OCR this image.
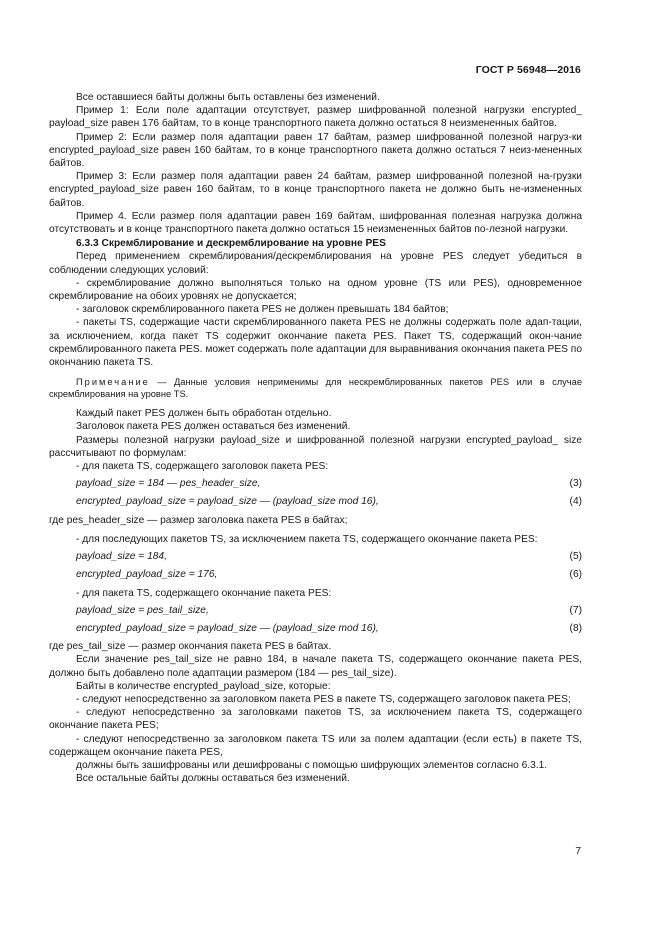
ГОСТ Р 56948—2016

Все оставшиеся байты должны быть оставлены без изменений.

Пример 1: Если поле адаптации отсутствует, размер шифрованной полезной нагрузки encrypted_ payload_size равен 176 байтам, то в конце транспортного пакета должно остаться 8 неизмененных байтов.

Пример 2: Если размер поля адаптации равен 17 байтам, размер шифрованной полезной нагруз-ки encrypted_payload_size равен 160 байтам, то в конце транспортного пакета должно остаться 7 неиз-мененных байтов.

Пример 3: Если размер поля адаптации равен 24 байтам, размер шифрованной полезной на-грузки encrypted_payload_size равен 160 байтам, то в конце транспортного пакета не должно быть не-измененных байтов.

Пример 4. Если размер поля адаптации равен 169 байтам, шифрованная полезная нагрузка должна отсутствовать и в конце транспортного пакета должно остаться 15 неизмененных байтов по-лезной нагрузки.

6.3.3 Скремблирование и дескремблирование на уровне PES

Перед применением скремблирования/дескремблирования на уровне PES следует убедиться в соблюдении следующих условий:

- скремблирование должно выполняться только на одном уровне (TS или PES), одновременное скремблирование на обоих уровнях не допускается;

- заголовок скремблированного пакета PES не должен превышать 184 байтов;

- пакеты TS, содержащие части скремблированного пакета PES не должны содержать поле адап-тации, за исключением, когда пакет TS содержит окончание пакета PES. Пакет TS, содержащий окон-чание скремблированного пакета PES. может содержать поле адаптации для выравнивания окончания пакета PES по окончанию пакета TS.

Примечание — Данные условия неприменимы для нескремблированных пакетов PES или в случае скремблирования на уровне TS.

Каждый пакет PES должен быть обработан отдельно.

Заголовок пакета PES должен оставаться без изменений.

Размеры полезной нагрузки payload_size и шифрованной полезной нагрузки encrypted_payload_ size рассчитывают по формулам:

- для пакета TS, содержащего заголовок пакета PES:

payload_size = 184 — pes_header_size,	(3)
encrypted_payload_size = payload_size — (payload_size mod 16),	(4)

где pes_header_size — размер заголовка пакета PES в байтах;

- для последующих пакетов TS, за исключением пакета TS, содержащего окончание пакета PES:

payload_size = 184,	(5)
encrypted_payload_size = 176,	(6)

- для пакета TS, содержащего окончание пакета PES:

payload_size = pes_tail_size,	(7)
encrypted_payload_size = payload_size — (payload_size mod 16),	(8)

где pes_tail_size — размер окончания пакета PES в байтах.

Если значение pes_tail_size не равно 184, в начале пакета TS, содержащего окончание пакета PES, должно быть добавлено поле адаптации размером (184 — pes_tail_size).

Байты в количестве encrypted_payload_size, которые:

- следуют непосредственно за заголовком пакета PES в пакете TS, содержащего заголовок пакета PES;

- следуют непосредственно за заголовками пакетов TS, за исключением пакета TS, содержащего окончание пакета PES;

- следуют непосредственно за заголовком пакета TS или за полем адаптации (если есть) в пакете TS, содержащем окончание пакета PES,

должны быть зашифрованы или дешифрованы с помощью шифрующих элементов согласно 6.3.1.

Все остальные байты должны оставаться без изменений.

7
